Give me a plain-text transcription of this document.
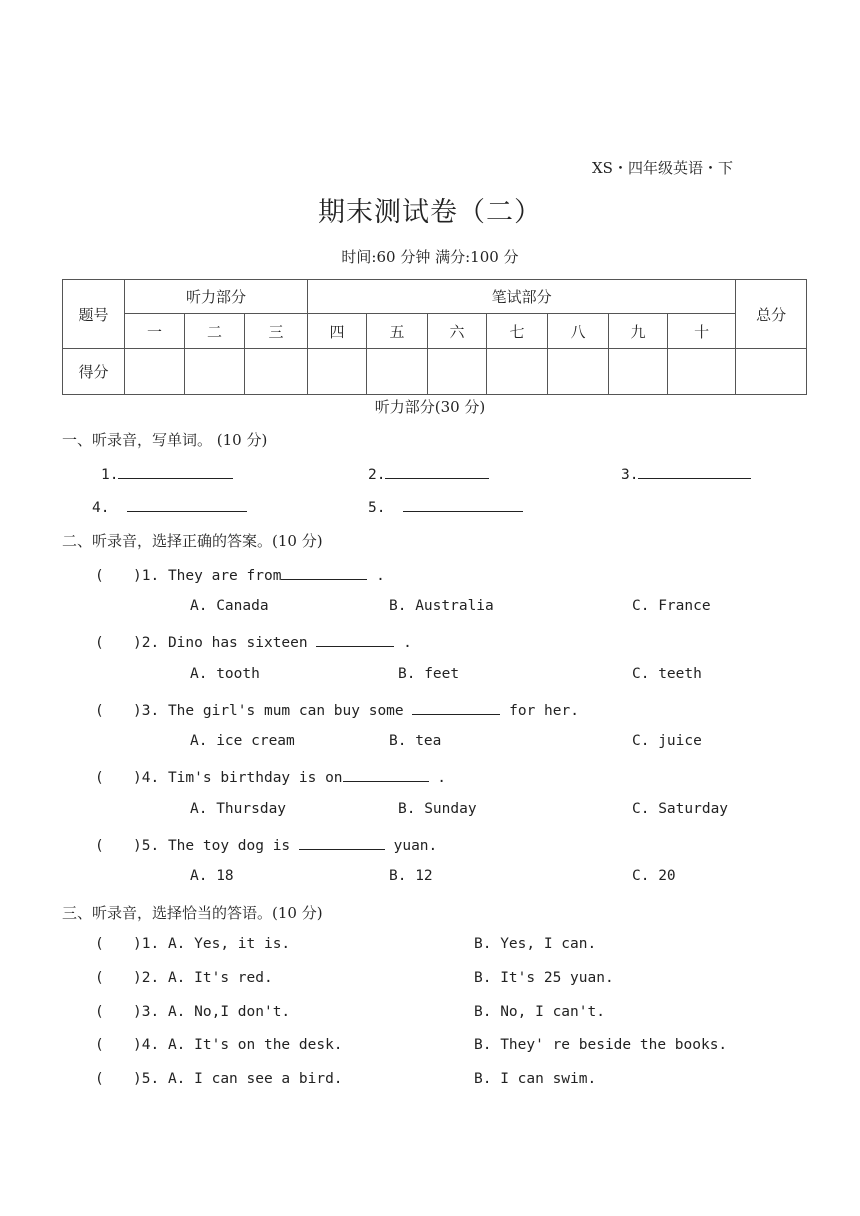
XS・四年级英语・下
期末测试卷（二）
时间:60 分钟 满分:100 分
题号	听力部分			笔试部分							总分
	一	二	三	四	五	六	七	八	九	十	
得分											
听力部分(30 分)
一、听录音，写单词。 (10 分)
1.	2.	3.
4.	5.
二、听录音，选择正确的答案。(10 分)
( )1. They are from	.
A. Canada	B. Australia	C. France
( )2. Dino has sixteen	.
A. tooth	B. feet	C. teeth
( )3. The girl's mum can buy some	for her.
A. ice cream	B. tea	C. juice
( )4. Tim's birthday is on	.
A. Thursday	B. Sunday	C. Saturday
( )5. The toy dog is	yuan.
A. 18	B. 12	C. 20
三、听录音，选择恰当的答语。(10 分)
( )1. A. Yes, it is.	B. Yes, I can.
( )2. A. It's red.	B. It's 25 yuan.
( )3. A. No,I don't.	B. No, I can't.
( )4. A. It's on the desk.	B. They' re beside the books.
( )5. A. I can see a bird.	B. I can swim.
